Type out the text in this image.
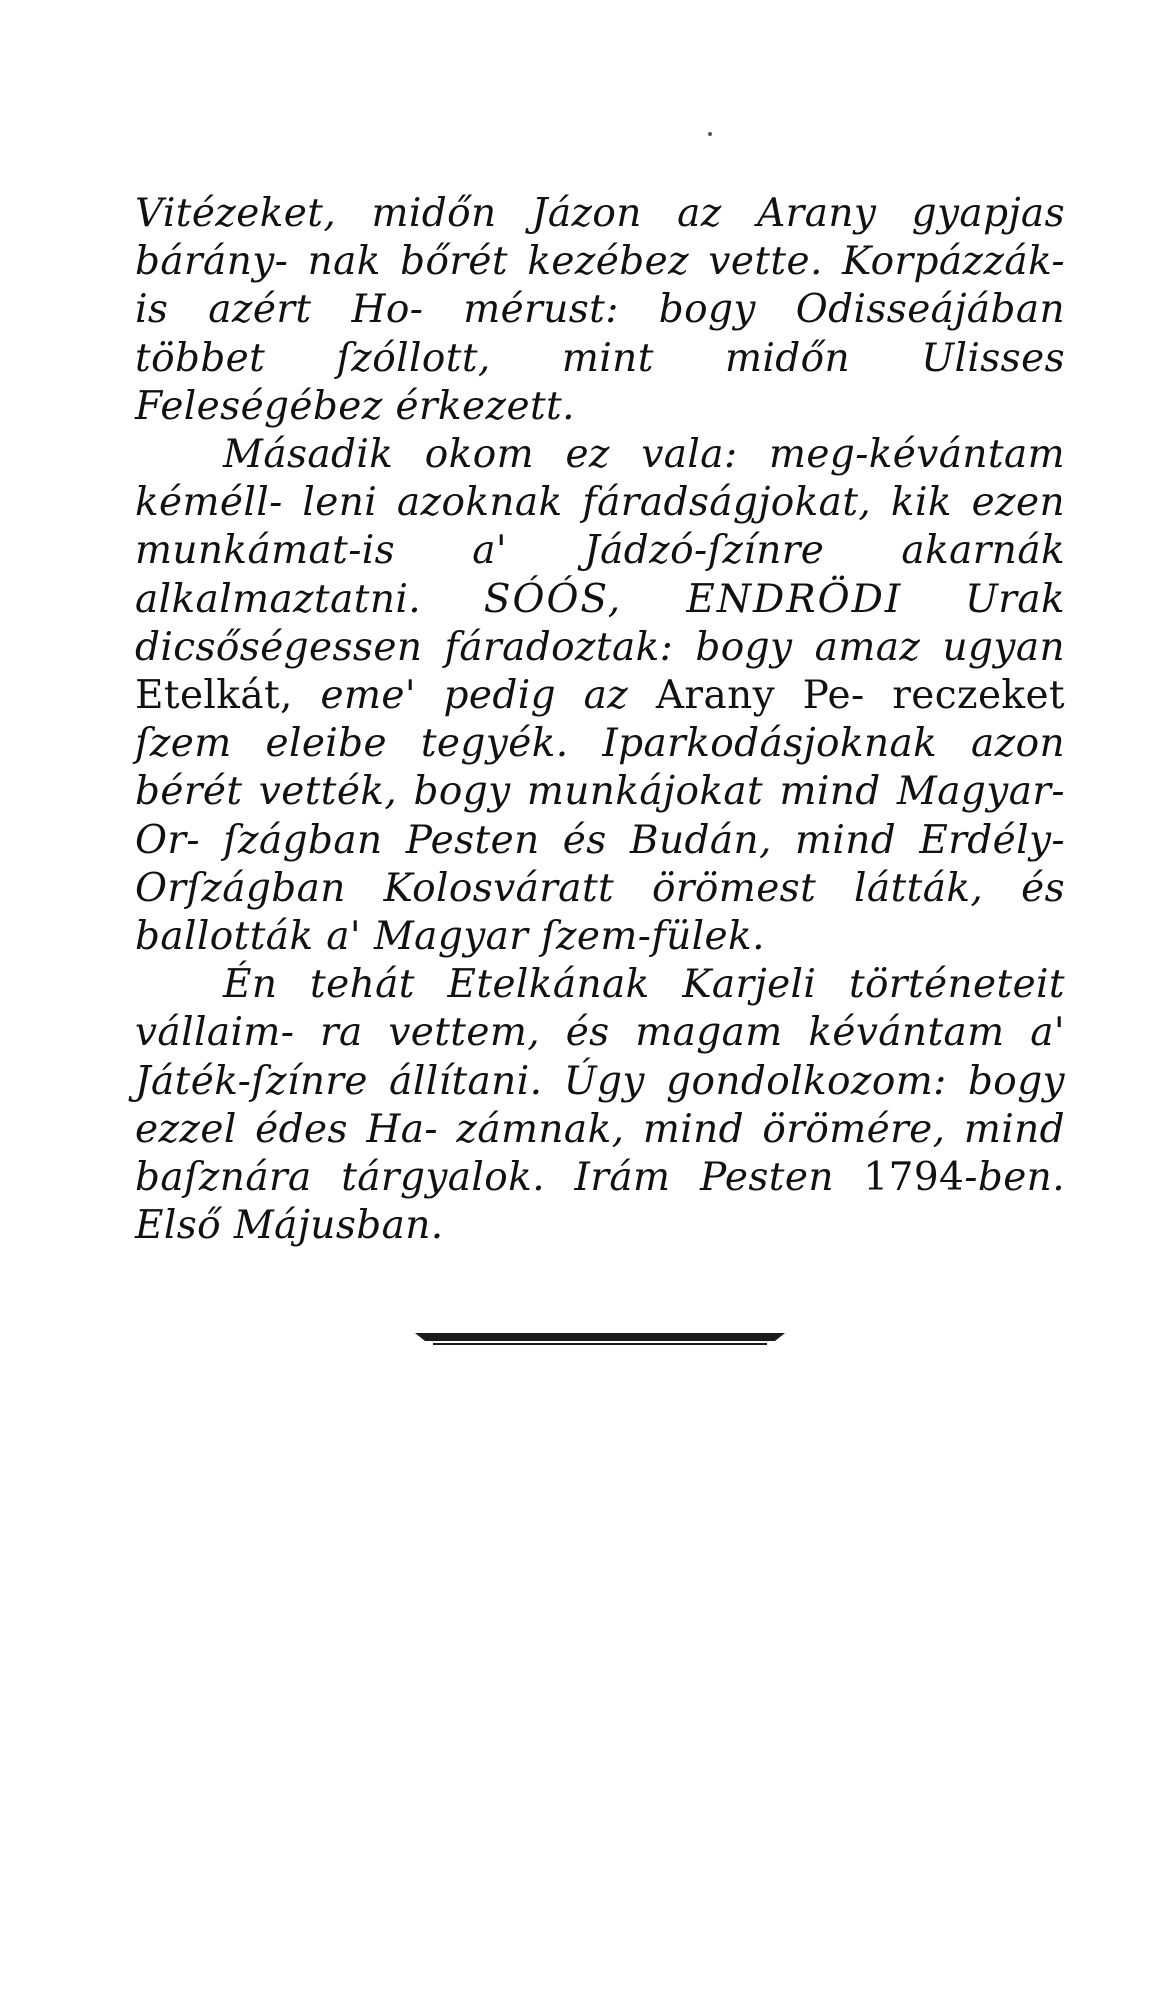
Vitézeket, midőn Jázon az Arany gyapjas bárány- nak bőrét kezébez vette. Korpázzák-is azért Ho- mérust: bogy Odisseájában többet ſzóllott, mint midőn Ulisses Feleségébez érkezett.

Másadik okom ez vala: meg-kévántam kéméll- leni azoknak fáradságjokat, kik ezen munkámat-is a' Jádzó-ſzínre akarnák alkalmaztatni. SÓÓS, ENDRÖDI Urak dicsőségessen fáradoztak: bogy amaz ugyan Etelkát, eme' pedig az Arany Pe- reczeket ſzem eleibe tegyék. Iparkodásjoknak azon bérét vették, bogy munkájokat mind Magyar-Or- ſzágban Pesten és Budán, mind Erdély-Orſzágban Kolosváratt örömest látták, és ballották a' Magyar ſzem-fülek.

Én tehát Etelkának Karjeli történeteit vállaim- ra vettem, és magam kévántam a' Játék-ſzínre állítani. Úgy gondolkozom: bogy ezzel édes Ha- zámnak, mind örömére, mind baſznára tárgyalok. Irám Pesten 1794-ben. Első Májusban.
